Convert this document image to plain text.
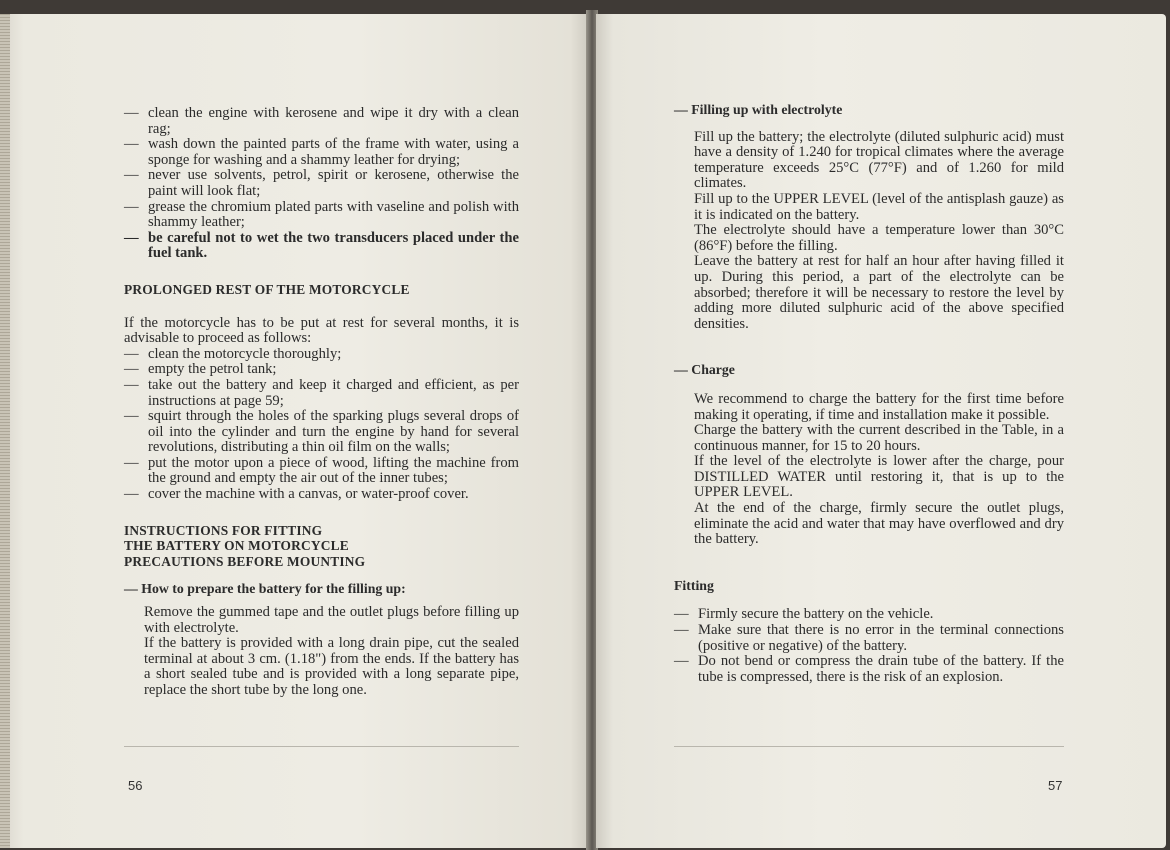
— clean the engine with kerosene and wipe it dry with a clean rag;

— wash down the painted parts of the frame with water, using a sponge for washing and a shammy leather for drying;

— never use solvents, petrol, spirit or kerosene, otherwise the paint will look flat;

— grease the chromium plated parts with vaseline and polish with shammy leather;

— be careful not to wet the two transducers placed under the fuel tank.

PROLONGED REST OF THE MOTORCYCLE

If the motorcycle has to be put at rest for several months, it is advisable to proceed as follows:

— clean the motorcycle thoroughly;

— empty the petrol tank;

— take out the battery and keep it charged and efficient, as per instructions at page 59;

— squirt through the holes of the sparking plugs several drops of oil into the cylinder and turn the engine by hand for several revolutions, distributing a thin oil film on the walls;

— put the motor upon a piece of wood, lifting the machine from the ground and empty the air out of the inner tubes;

— cover the machine with a canvas, or water-proof cover.

INSTRUCTIONS FOR FITTING

THE BATTERY ON MOTORCYCLE

PRECAUTIONS BEFORE MOUNTING

— How to prepare the battery for the filling up:

Remove the gummed tape and the outlet plugs before filling up with electrolyte.

If the battery is provided with a long drain pipe, cut the sealed terminal at about 3 cm. (1.18") from the ends. If the battery has a short sealed tube and is provided with a long separate pipe, replace the short tube by the long one.

56

— Filling up with electrolyte

Fill up the battery; the electrolyte (diluted sulphuric acid) must have a density of 1.240 for tropical climates where the average temperature exceeds 25°C (77°F) and of 1.260 for mild climates.

Fill up to the UPPER LEVEL (level of the antisplash gauze) as it is indicated on the battery.

The electrolyte should have a temperature lower than 30°C (86°F) before the filling.

Leave the battery at rest for half an hour after having filled it up. During this period, a part of the electrolyte can be absorbed; therefore it will be necessary to restore the level by adding more diluted sulphuric acid of the above specified densities.

— Charge

We recommend to charge the battery for the first time before making it operating, if time and installation make it possible.

Charge the battery with the current described in the Table, in a continuous manner, for 15 to 20 hours.

If the level of the electrolyte is lower after the charge, pour DISTILLED WATER until restoring it, that is up to the UPPER LEVEL.

At the end of the charge, firmly secure the outlet plugs, eliminate the acid and water that may have overflowed and dry the battery.

Fitting

— Firmly secure the battery on the vehicle.

— Make sure that there is no error in the terminal connections (positive or negative) of the battery.

— Do not bend or compress the drain tube of the battery. If the tube is compressed, there is the risk of an explosion.

57
